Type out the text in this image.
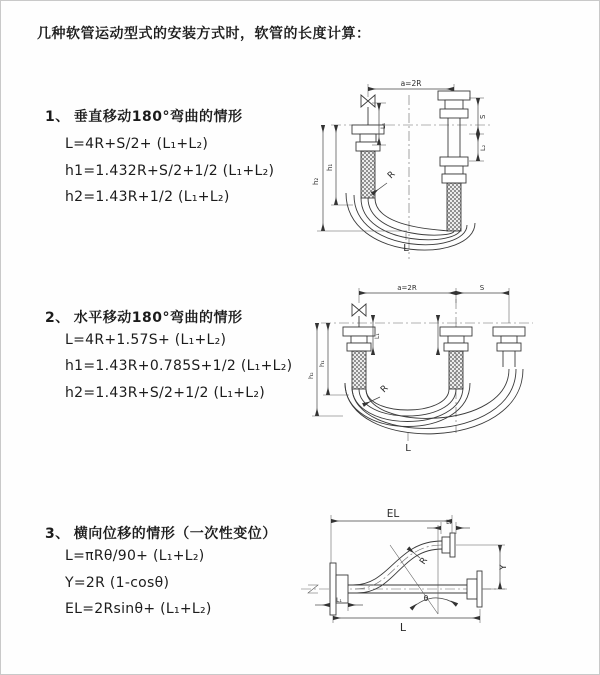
几种软管运动型式的安装方式时，软管的长度计算：
1、 垂直移动180°弯曲的情形
L=4R+S/2+ (L₁+L₂)
h1=1.432R+S/2+1/2 (L₁+L₂)
h2=1.43R+1/2 (L₁+L₂)
2、 水平移动180°弯曲的情形
L=4R+1.57S+ (L₁+L₂)
h1=1.43R+0.785S+1/2 (L₁+L₂)
h2=1.43R+S/2+1/2 (L₁+L₂)
3、 横向位移的情形（一次性变位）
L=πRθ/90+ (L₁+L₂)
Y=2R (1-cosθ)
EL=2Rsinθ+ (L₁+L₂)
a=2R
R
h₂
h₁
L₁
S
L₂
L
a=2R	S
R
h₂
h₁
L₁
L
EL
L₁
Y
R
θ
L₁
L
